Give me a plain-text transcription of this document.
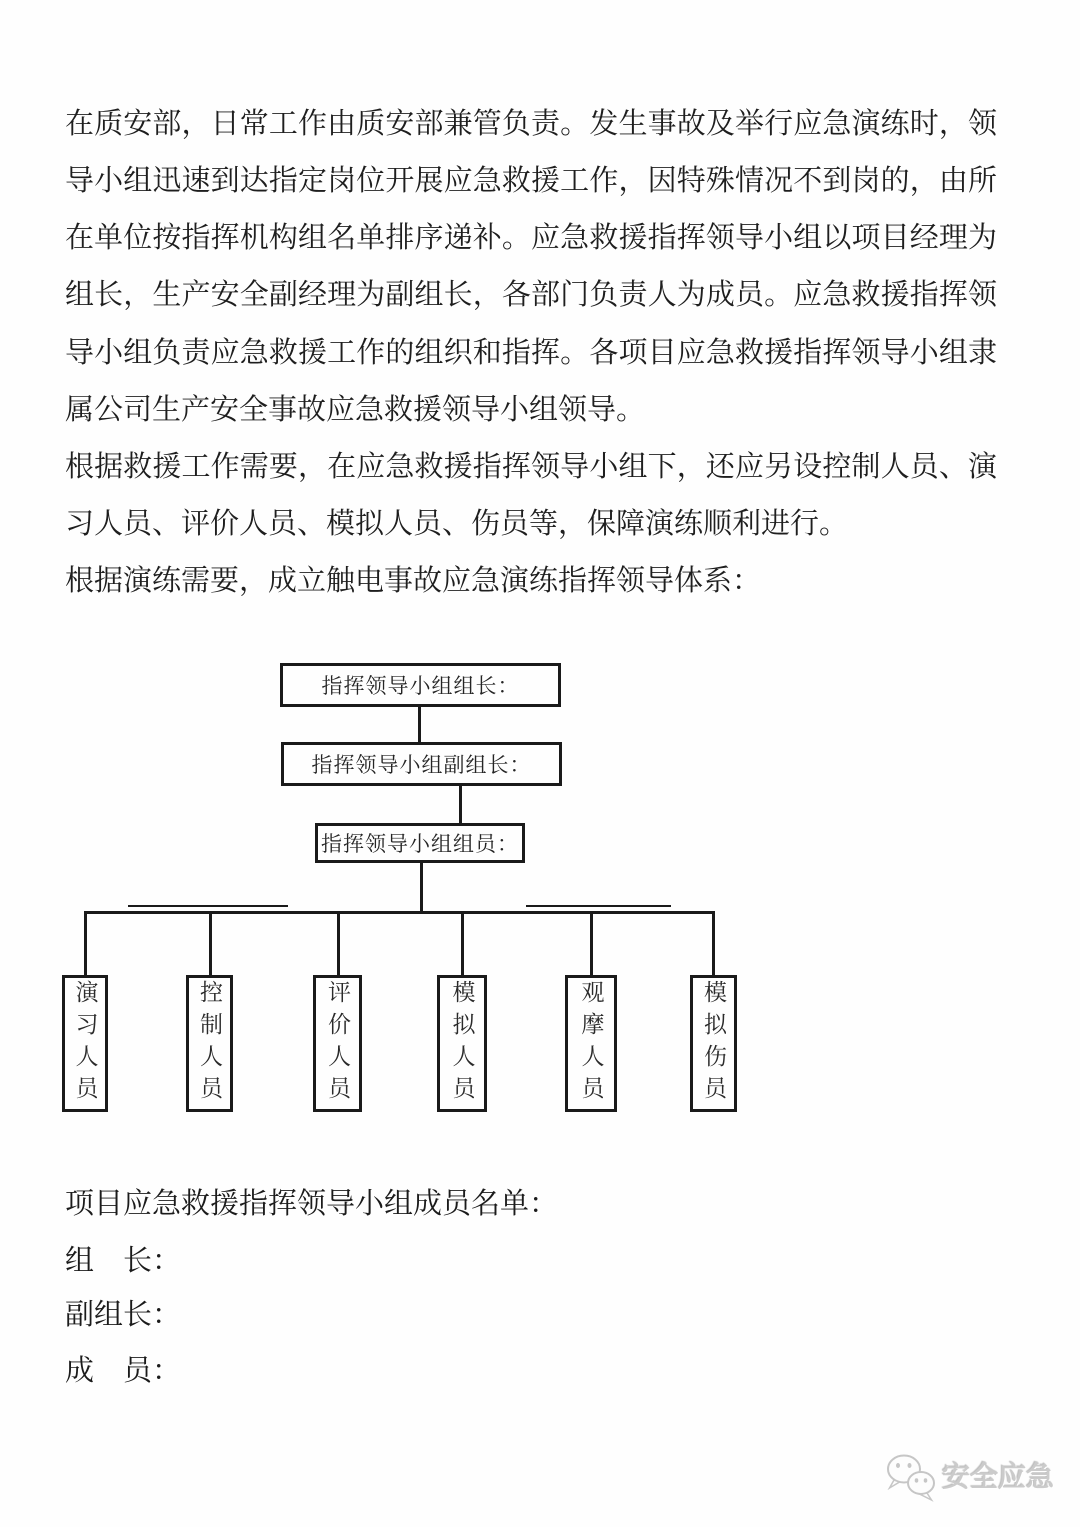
在质安部，日常工作由质安部兼管负责。发生事故及举行应急演练时，领
导小组迅速到达指定岗位开展应急救援工作，因特殊情况不到岗的，由所
在单位按指挥机构组名单排序递补。应急救援指挥领导小组以项目经理为
组长，生产安全副经理为副组长，各部门负责人为成员。应急救援指挥领
导小组负责应急救援工作的组织和指挥。各项目应急救援指挥领导小组隶
属公司生产安全事故应急救援领导小组领导。
根据救援工作需要，在应急救援指挥领导小组下，还应另设控制人员、演
习人员、评价人员、模拟人员、伤员等，保障演练顺利进行。
根据演练需要，成立触电事故应急演练指挥领导体系：
指挥领导小组组长：
指挥领导小组副组长：
指挥领导小组组员：
演习人员	控制人员	评价人员	模拟人员	观摩人员	模拟伤员
项目应急救援指挥领导小组成员名单：
组　长：
副组长：
成　员：
安全应急
